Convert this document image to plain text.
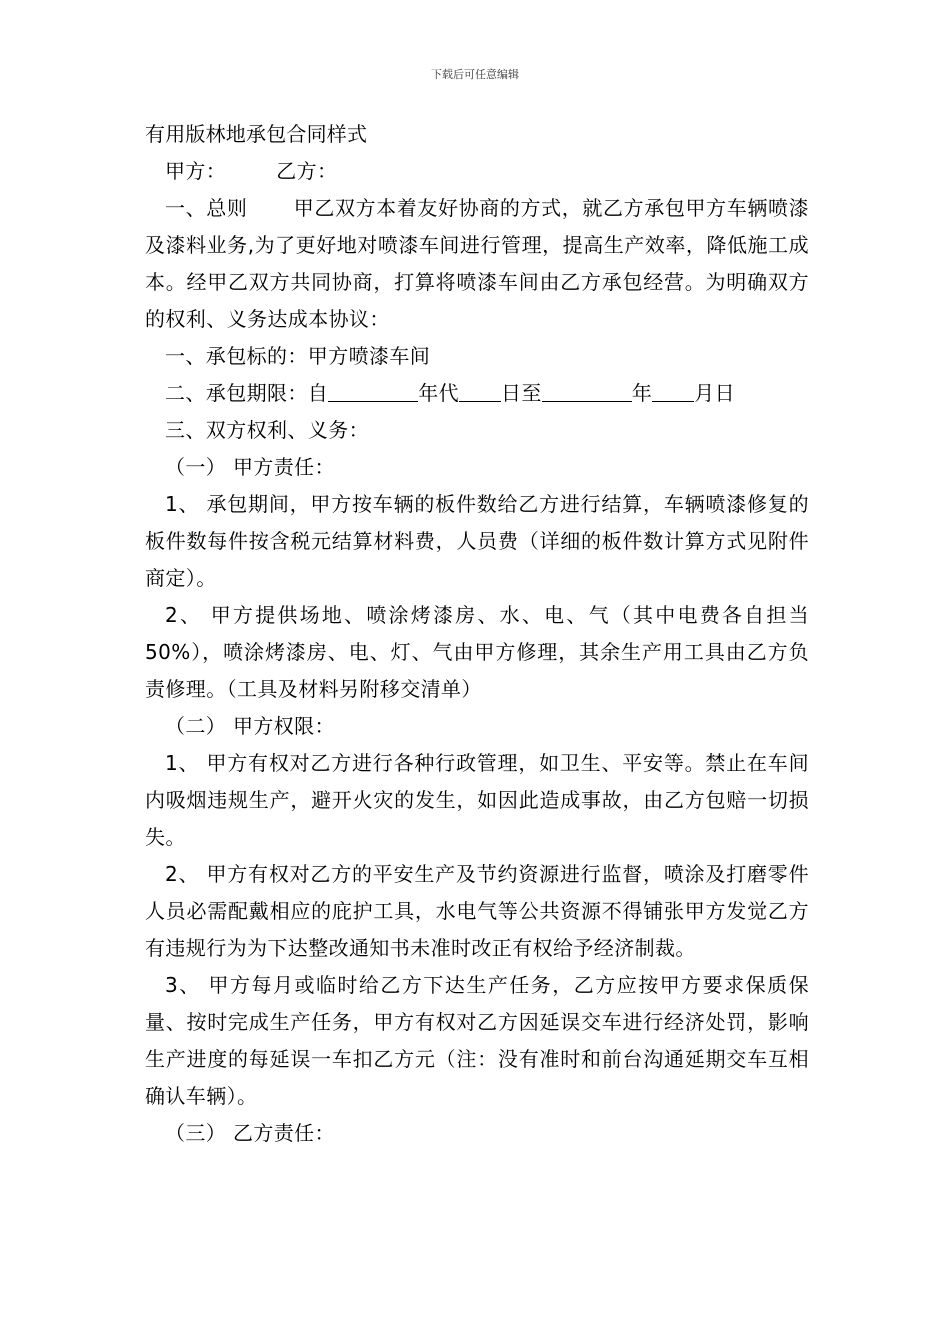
下载后可任意编辑

有用版林地承包合同样式

甲方：	乙方：

一、总则 甲乙双方本着友好协商的方式，就乙方承包甲方车辆喷漆及漆料业务,为了更好地对喷漆车间进行管理，提高生产效率，降低施工成本。经甲乙双方共同协商，打算将喷漆车间由乙方承包经营。为明确双方的权利、义务达成本协议：

一、承包标的：甲方喷漆车间

二、承包期限：自	年代 日至	年 月日

三、双方权利、义务：

（一） 甲方责任：

1、 承包期间，甲方按车辆的板件数给乙方进行结算，车辆喷漆修复的板件数每件按含税元结算材料费，人员费（详细的板件数计算方式见附件商定）。

2、 甲方提供场地、喷涂烤漆房、水、电、气（其中电费各自担当50%），喷涂烤漆房、电、灯、气由甲方修理，其余生产用工具由乙方负责修理。（工具及材料另附移交清单）

（二） 甲方权限：

1、 甲方有权对乙方进行各种行政管理，如卫生、平安等。禁止在车间内吸烟违规生产，避开火灾的发生，如因此造成事故，由乙方包赔一切损失。

2、 甲方有权对乙方的平安生产及节约资源进行监督，喷涂及打磨零件人员必需配戴相应的庇护工具，水电气等公共资源不得铺张甲方发觉乙方有违规行为为下达整改通知书未准时改正有权给予经济制裁。

3、 甲方每月或临时给乙方下达生产任务，乙方应按甲方要求保质保量、按时完成生产任务，甲方有权对乙方因延误交车进行经济处罚，影响生产进度的每延误一车扣乙方元（注：没有准时和前台沟通延期交车互相确认车辆）。

（三） 乙方责任：
